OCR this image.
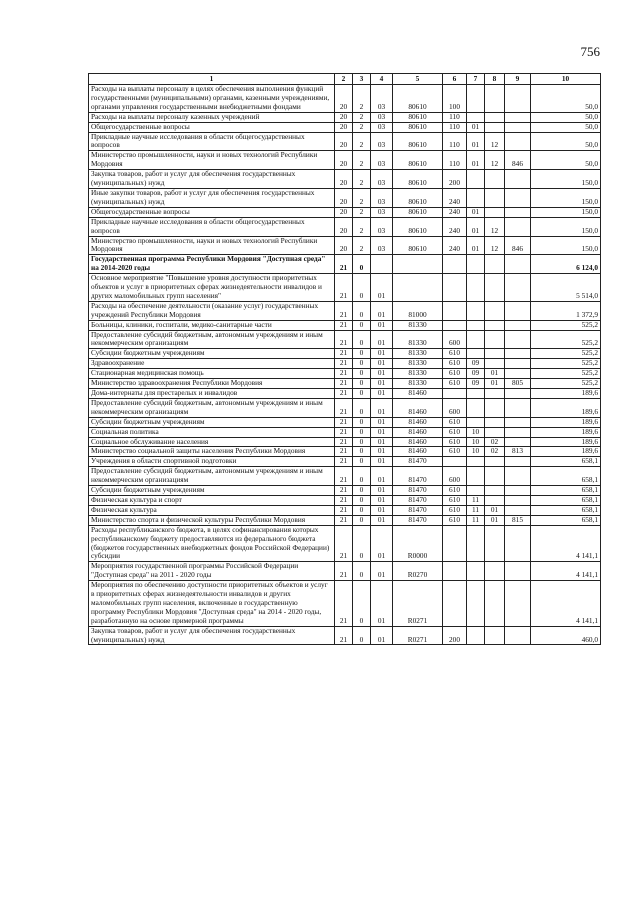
756
1	2	3	4	5	6	7	8	9	10
Расходы на выплаты персоналу в целях обеспечения выполнения функций государственными (муниципальными) органами, казенными учреждениями, органами управления государственными внебюджетными фондами	20	2	03	80610	100				50,0
Расходы на выплаты персоналу казенных учреждений	20	2	03	80610	110				50,0
Общегосударственные вопросы	20	2	03	80610	110	01			50,0
Прикладные научные исследования в области общегосударственных вопросов	20	2	03	80610	110	01	12		50,0
Министерство промышленности, науки и новых технологий Республики Мордовия	20	2	03	80610	110	01	12	846	50,0
Закупка товаров, работ и услуг для обеспечения государственных (муниципальных) нужд	20	2	03	80610	200				150,0
Иные закупки товаров, работ и услуг для обеспечения государственных (муниципальных) нужд	20	2	03	80610	240				150,0
Общегосударственные вопросы	20	2	03	80610	240	01			150,0
Прикладные научные исследования в области общегосударственных вопросов	20	2	03	80610	240	01	12		150,0
Министерство промышленности, науки и новых технологий Республики Мордовия	20	2	03	80610	240	01	12	846	150,0
Государственная программа Республики Мордовия "Доступная среда" на 2014-2020 годы	21	0							6 124,0
Основное мероприятие "Повышение уровня доступности приоритетных объектов и услуг в приоритетных сферах жизнедеятельности инвалидов и других маломобильных групп населения"	21	0	01						5 514,0
Расходы на обеспечение деятельности (оказание услуг) государственных учреждений Республики Мордовия	21	0	01	81000					1 372,9
Больницы, клиники, госпитали, медико-санитарные части	21	0	01	81330					525,2
Предоставление субсидий бюджетным, автономным учреждениям и иным некоммерческим организациям	21	0	01	81330	600				525,2
Субсидии бюджетным учреждениям	21	0	01	81330	610				525,2
Здравоохранение	21	0	01	81330	610	09			525,2
Стационарная медицинская помощь	21	0	01	81330	610	09	01		525,2
Министерство здравоохранения Республики Мордовия	21	0	01	81330	610	09	01	805	525,2
Дома-интернаты для престарелых и инвалидов	21	0	01	81460					189,6
Предоставление субсидий бюджетным, автономным учреждениям и иным некоммерческим организациям	21	0	01	81460	600				189,6
Субсидии бюджетным учреждениям	21	0	01	81460	610				189,6
Социальная политика	21	0	01	81460	610	10			189,6
Социальное обслуживание населения	21	0	01	81460	610	10	02		189,6
Министерство социальной защиты населения Республики Мордовия	21	0	01	81460	610	10	02	813	189,6
Учреждения в области спортивной подготовки	21	0	01	81470					658,1
Предоставление субсидий бюджетным, автономным учреждениям и иным некоммерческим организациям	21	0	01	81470	600				658,1
Субсидии бюджетным учреждениям	21	0	01	81470	610				658,1
Физическая культура и спорт	21	0	01	81470	610	11			658,1
Физическая культура	21	0	01	81470	610	11	01		658,1
Министерство спорта и физической культуры Республики Мордовия	21	0	01	81470	610	11	01	815	658,1
Расходы республиканского бюджета, в целях софинансирования которых республиканскому бюджету предоставляются из федерального бюджета (бюджетов государственных внебюджетных фондов Российской Федерации) субсидии	21	0	01	R0000					4 141,1
Мероприятия государственной программы Российской Федерации "Доступная среда" на 2011 - 2020 годы	21	0	01	R0270					4 141,1
Мероприятия по обеспечению доступности приоритетных объектов и услуг в приоритетных сферах жизнедеятельности инвалидов и других маломобильных групп населения, включенные в государственную программу Республики Мордовия "Доступная среда" на 2014 - 2020 годы, разработанную на основе примерной программы	21	0	01	R0271					4 141,1
Закупка товаров, работ и услуг для обеспечения государственных (муниципальных) нужд	21	0	01	R0271	200				460,0
